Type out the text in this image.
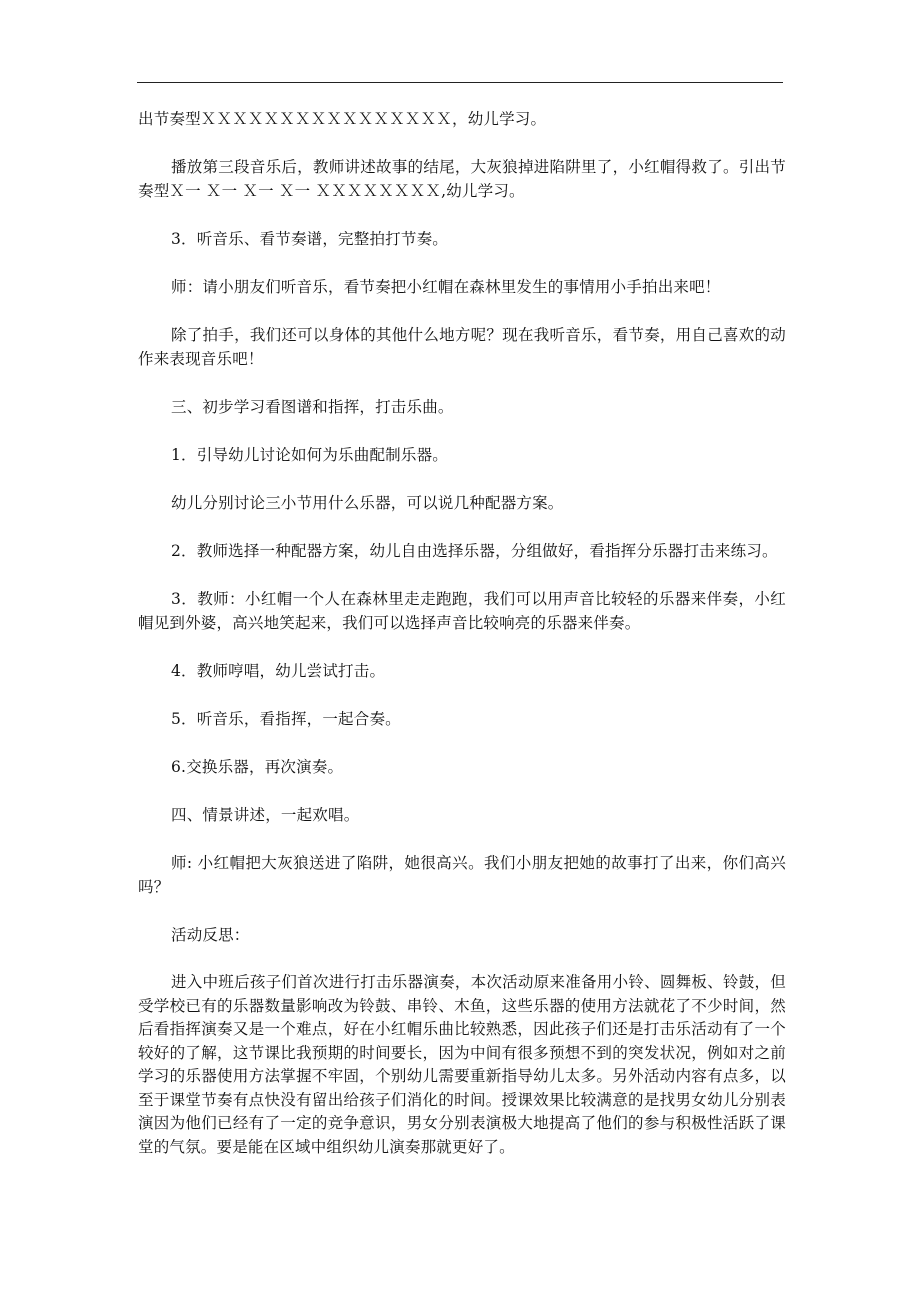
出节奏型ＸＸＸＸＸＸＸＸＸＸＸＸＸＸＸＸ，幼儿学习。

播放第三段音乐后，教师讲述故事的结尾，大灰狼掉进陷阱里了，小红帽得救了。引出节奏型Ｘ一 Ｘ一 Ｘ一 Ｘ一 ＸＸＸＸＸＸＸＸ,幼儿学习。

3．听音乐、看节奏谱，完整拍打节奏。

师：请小朋友们听音乐，看节奏把小红帽在森林里发生的事情用小手拍出来吧！

除了拍手，我们还可以身体的其他什么地方呢？现在我听音乐，看节奏，用自己喜欢的动作来表现音乐吧！

三、初步学习看图谱和指挥，打击乐曲。

1．引导幼儿讨论如何为乐曲配制乐器。

幼儿分别讨论三小节用什么乐器，可以说几种配器方案。

2．教师选择一种配器方案，幼儿自由选择乐器，分组做好，看指挥分乐器打击来练习。

3．教师：小红帽一个人在森林里走走跑跑，我们可以用声音比较轻的乐器来伴奏，小红帽见到外婆，高兴地笑起来，我们可以选择声音比较响亮的乐器来伴奏。

4．教师哼唱，幼儿尝试打击。

5．听音乐，看指挥，一起合奏。

6.交换乐器，再次演奏。

四、情景讲述，一起欢唱。

师: 小红帽把大灰狼送进了陷阱，她很高兴。我们小朋友把她的故事打了出来，你们高兴吗？

活动反思：

进入中班后孩子们首次进行打击乐器演奏，本次活动原来准备用小铃、圆舞板、铃鼓，但受学校已有的乐器数量影响改为铃鼓、串铃、木鱼，这些乐器的使用方法就花了不少时间，然后看指挥演奏又是一个难点，好在小红帽乐曲比较熟悉，因此孩子们还是打击乐活动有了一个较好的了解，这节课比我预期的时间要长，因为中间有很多预想不到的突发状况，例如对之前学习的乐器使用方法掌握不牢固，个别幼儿需要重新指导幼儿太多。另外活动内容有点多，以至于课堂节奏有点快没有留出给孩子们消化的时间。授课效果比较满意的是找男女幼儿分别表演因为他们已经有了一定的竞争意识，男女分别表演极大地提高了他们的参与积极性活跃了课堂的气氛。要是能在区域中组织幼儿演奏那就更好了。
